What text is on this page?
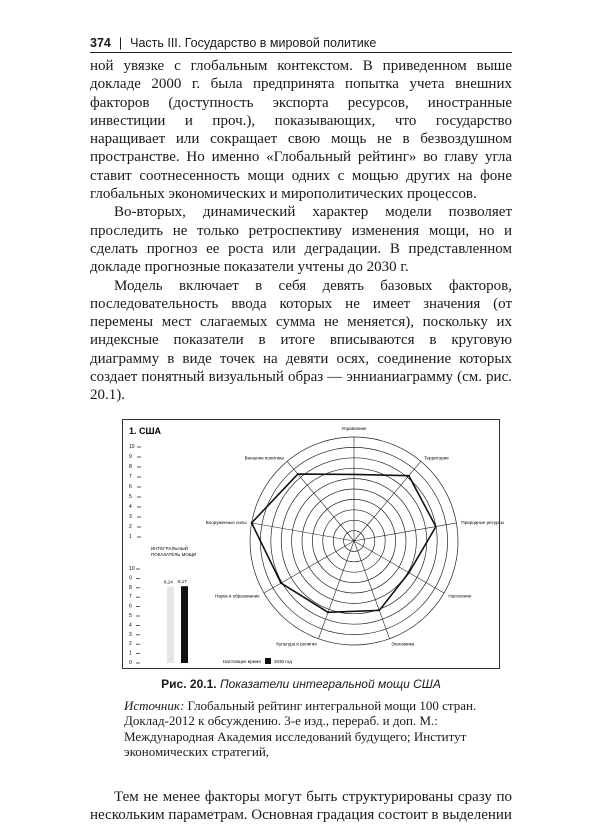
374 | Часть III. Государство в мировой политике

ной увязке с глобальным контекстом. В приведенном выше докладе 2000 г. была предпринята попытка учета внешних факторов (доступность экспорта ресурсов, иностранные инвестиции и проч.), показывающих, что государство наращивает или сокращает свою мощь не в безвоздушном пространстве. Но именно «Глобальный рейтинг» во главу угла ставит соотнесенность мощи одних с мощью других на фоне глобальных экономических и мирополитических процессов.

Во-вторых, динамический характер модели позволяет проследить не только ретроспективу изменения мощи, но и сделать прогноз ее роста или деградации. В представленном докладе прогнозные показатели учтены до 2030 г.

Модель включает в себя девять базовых факторов, последовательность ввода которых не имеет значения (от перемены мест слагаемых сумма не меняется), поскольку их индексные показатели в итоге вписываются в круговую диаграмму в виде точек на девяти осях, соединение которых создает понятный визуальный образ — эннианиаграмму (см. рис. 20.1).

1. США
1
2
3
4
5
6
7
8
9
10
ИНТЕГРАЛЬНЫЙ
ПОКАЗАТЕЛЬ МОЩИ
0
1
2
3
4
5
6
7
8
9
10
8,14 8,17
Управление
Территория
Природные ресурсы
Население
Экономика
Культура и религия
Наука и образование
Вооруженные силы
Внешняя политика
Настоящее время	2030 год
Рис. 20.1. Показатели интегральной мощи США
Источник: Глобальный рейтинг интегральной мощи 100 стран. Доклад-2012 к обсуждению. 3-е изд., перераб. и доп. М.: Международная Академия исследований будущего; Институт экономических стратегий,
Тем не менее факторы могут быть структурированы сразу по нескольким параметрам. Основная градация состоит в выделении
